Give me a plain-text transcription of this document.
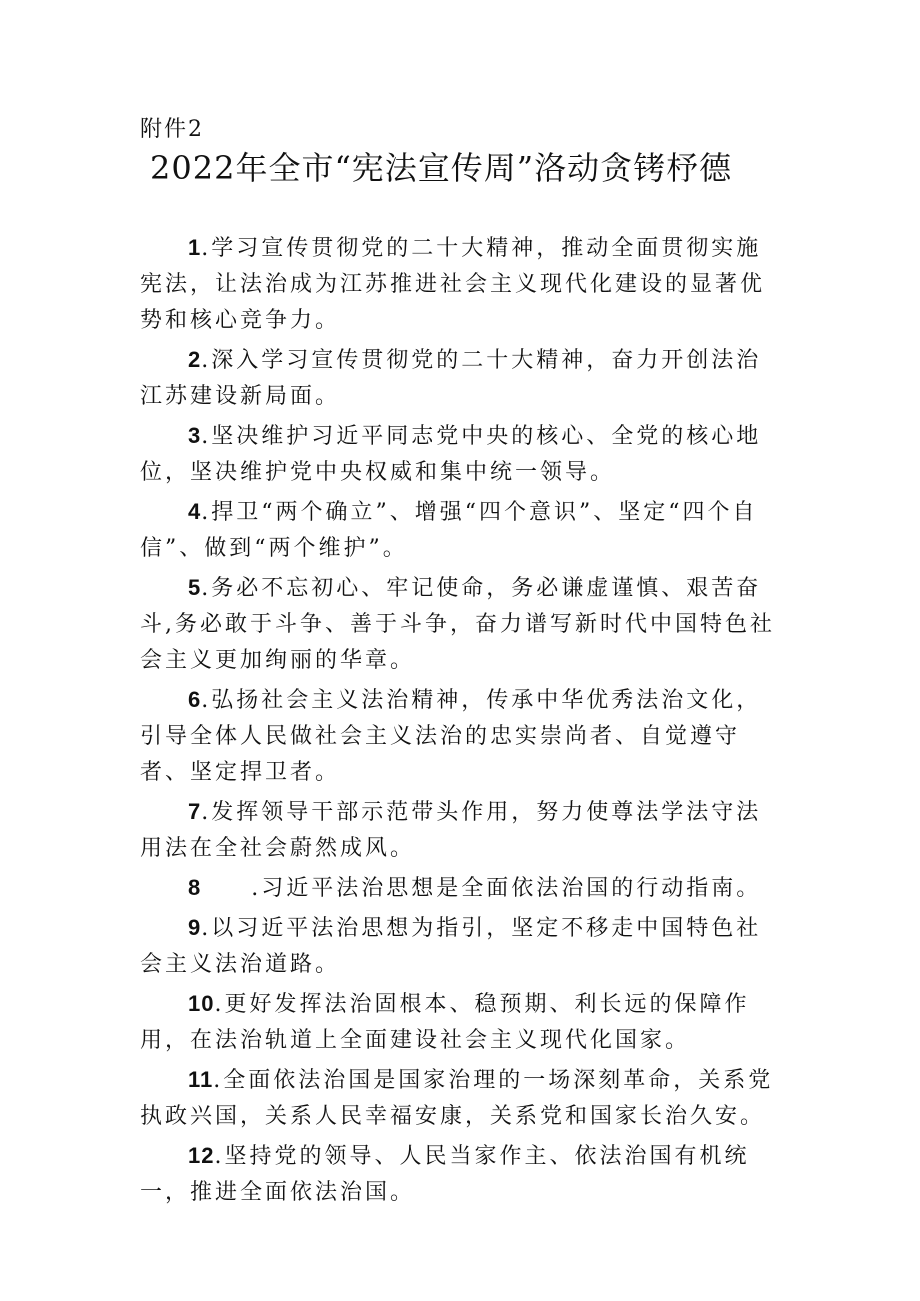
附件2
2022年全市“宪法宣传周”洛动贪铐杼德

1.学习宣传贯彻党的二十大精神，推动全面贯彻实施宪法，让法治成为江苏推进社会主义现代化建设的显著优势和核心竞争力。

2.深入学习宣传贯彻党的二十大精神，奋力开创法治江苏建设新局面。

3.坚决维护习近平同志党中央的核心、全党的核心地位，坚决维护党中央权威和集中统一领导。

4.捍卫“两个确立”、增强“四个意识”、坚定“四个自信”、做到“两个维护”。

5.务必不忘初心、牢记使命，务必谦虚谨慎、艰苦奋斗,务必敢于斗争、善于斗争，奋力谱写新时代中国特色社会主义更加绚丽的华章。

6.弘扬社会主义法治精神，传承中华优秀法治文化，引导全体人民做社会主义法治的忠实崇尚者、自觉遵守者、坚定捍卫者。

7.发挥领导干部示范带头作用，努力使尊法学法守法用法在全社会蔚然成风。

8　　.习近平法治思想是全面依法治国的行动指南。

9.以习近平法治思想为指引，坚定不移走中国特色社会主义法治道路。

10.更好发挥法治固根本、稳预期、利长远的保障作用，在法治轨道上全面建设社会主义现代化国家。

11.全面依法治国是国家治理的一场深刻革命，关系党执政兴国，关系人民幸福安康，关系党和国家长治久安。

12.坚持党的领导、人民当家作主、依法治国有机统一，推进全面依法治国。
